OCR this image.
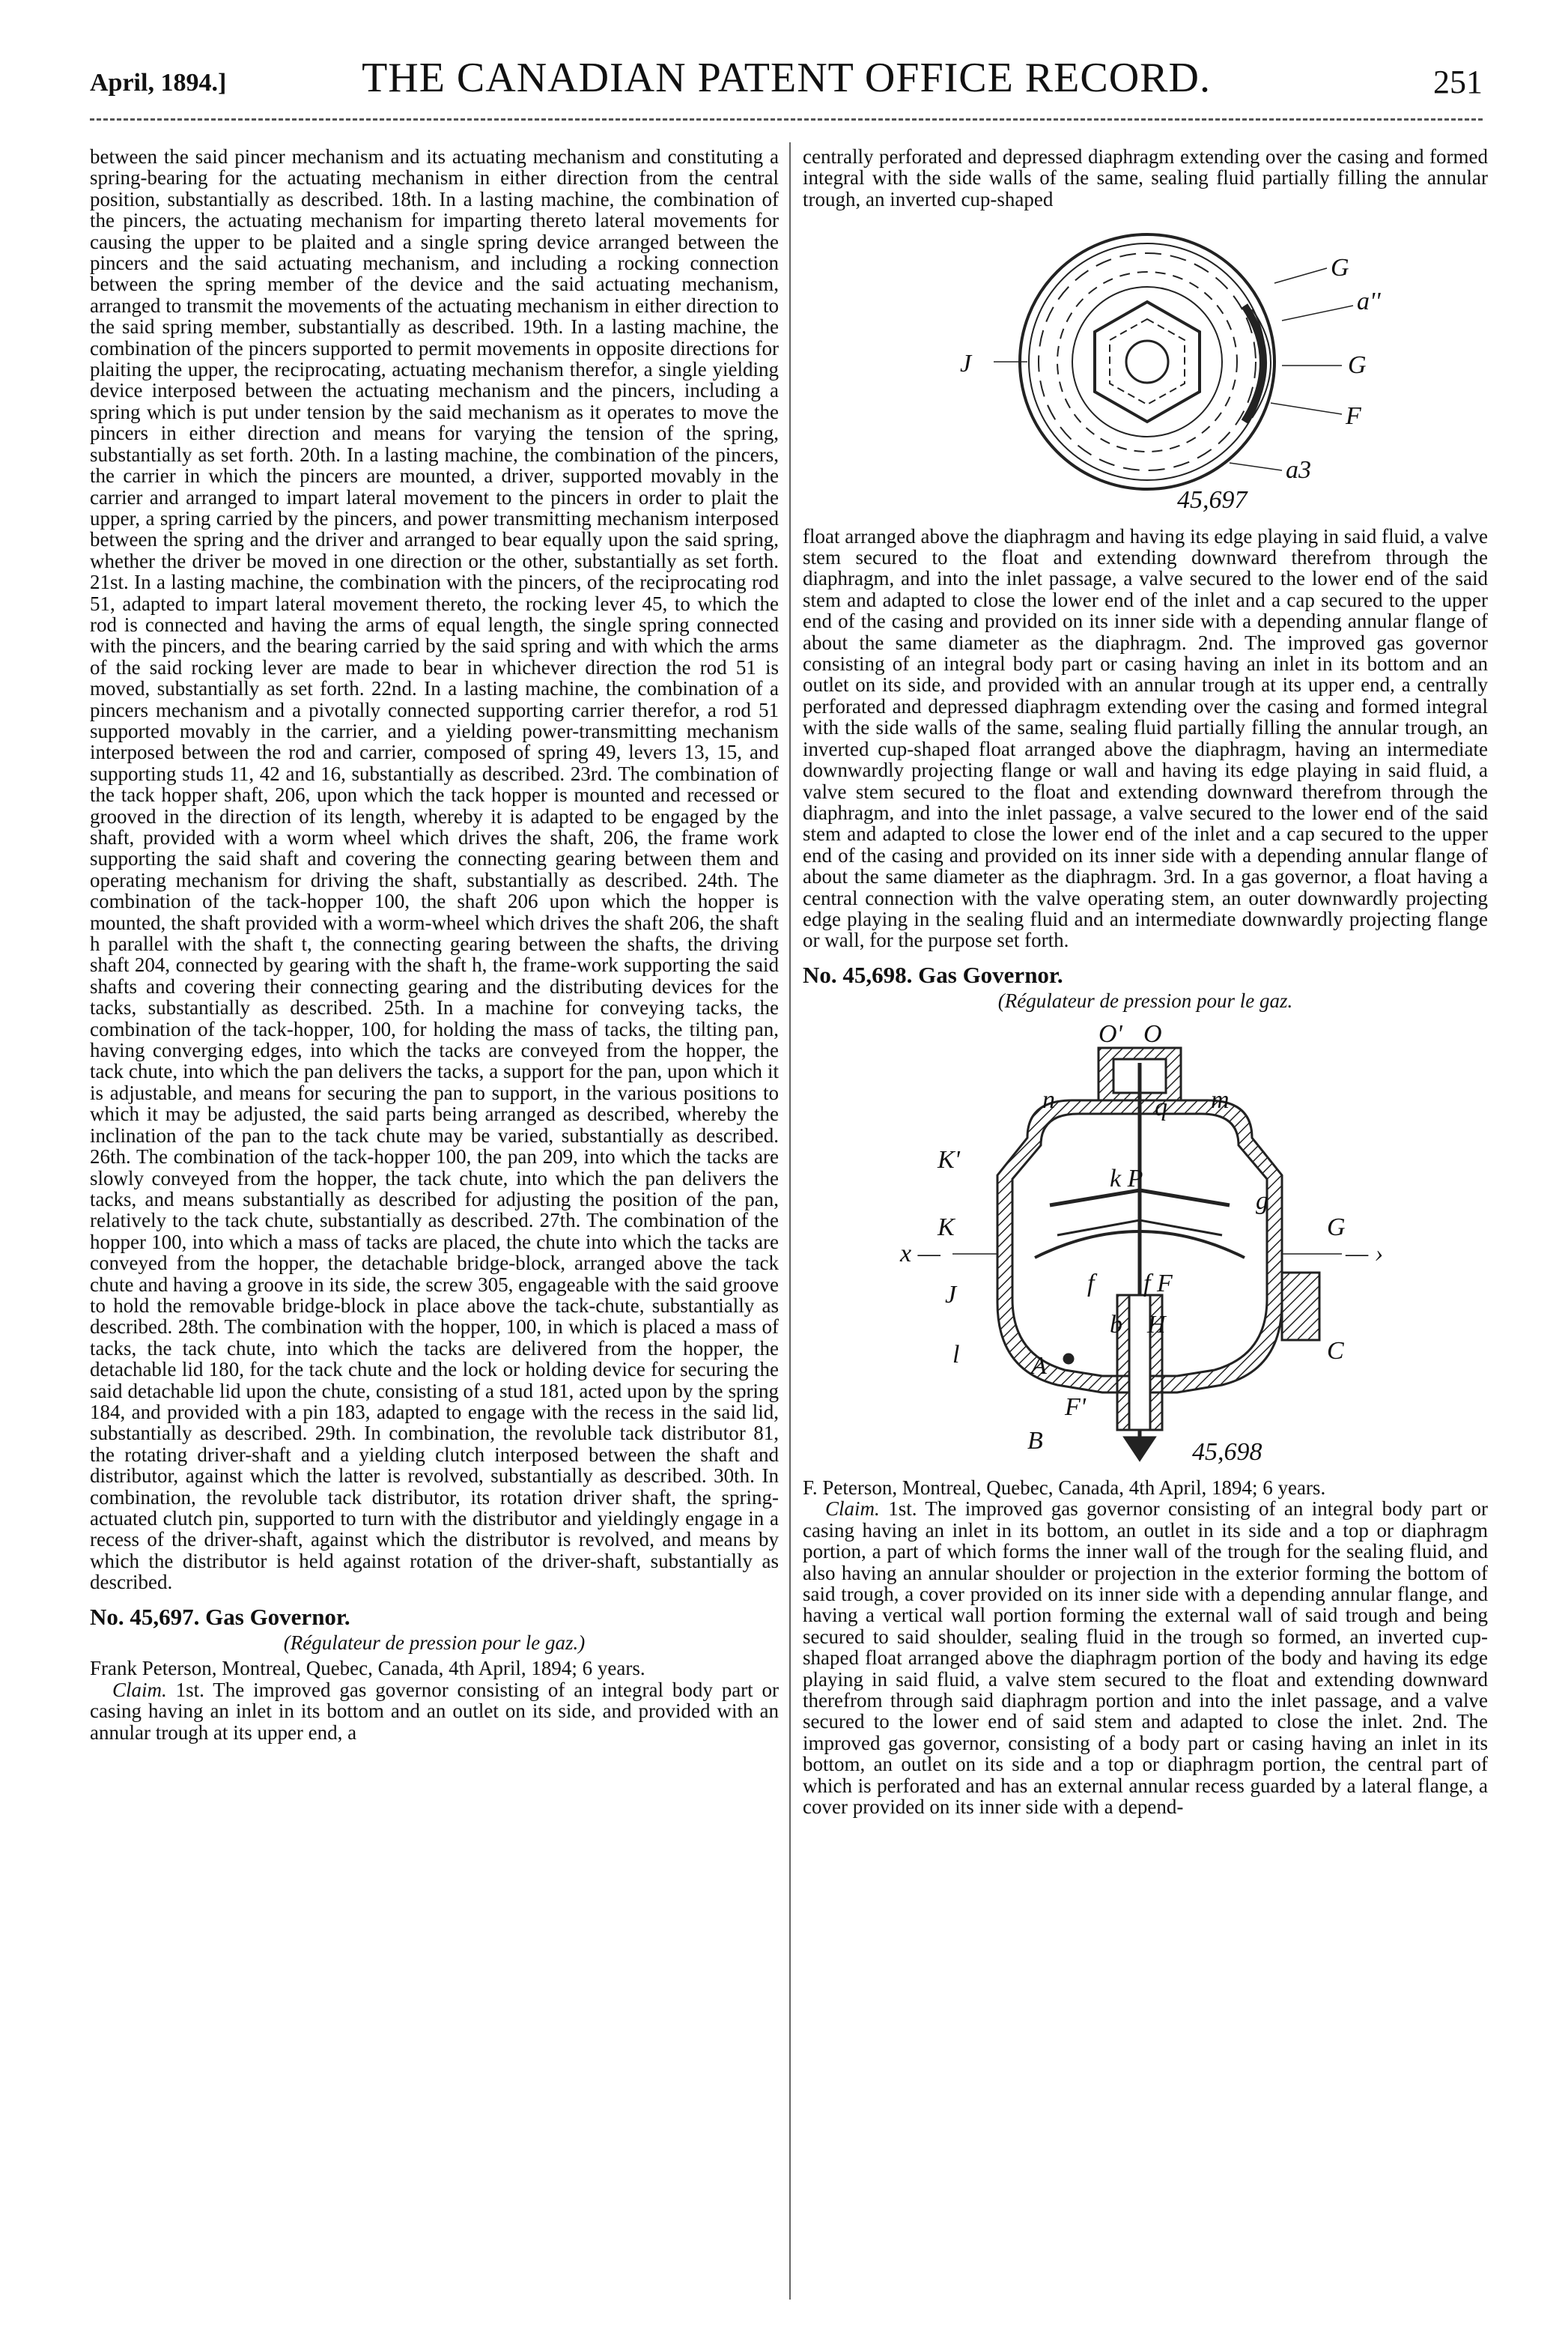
April, 1894.]	THE CANADIAN PATENT OFFICE RECORD.	251

between the said pincer mechanism and its actuating mechanism and constituting a spring-bearing for the actuating mechanism in either direction from the central position, substantially as described. 18th. In a lasting machine, the combination of the pincers, the actuating mechanism for imparting thereto lateral movements for causing the upper to be plaited and a single spring device arranged between the pincers and the said actuating mechanism, and including a rocking connection between the spring member of the device and the said actuating mechanism, arranged to transmit the movements of the actuating mechanism in either direction to the said spring member, substantially as described. 19th. In a lasting machine, the combination of the pincers supported to permit movements in opposite directions for plaiting the upper, the reciprocating, actuating mechanism therefor, a single yielding device interposed between the actuating mechanism and the pincers, including a spring which is put under tension by the said mechanism as it operates to move the pincers in either direction and means for varying the tension of the spring, substantially as set forth. 20th. In a lasting machine, the combination of the pincers, the carrier in which the pincers are mounted, a driver, supported movably in the carrier and arranged to impart lateral movement to the pincers in order to plait the upper, a spring carried by the pincers, and power transmitting mechanism interposed between the spring and the driver and arranged to bear equally upon the said spring, whether the driver be moved in one direction or the other, substantially as set forth. 21st. In a lasting machine, the combination with the pincers, of the reciprocating rod 51, adapted to impart lateral movement thereto, the rocking lever 45, to which the rod is connected and having the arms of equal length, the single spring connected with the pincers, and the bearing carried by the said spring and with which the arms of the said rocking lever are made to bear in whichever direction the rod 51 is moved, substantially as set forth. 22nd. In a lasting machine, the combination of a pincers mechanism and a pivotally connected supporting carrier therefor, a rod 51 supported movably in the carrier, and a yielding power-transmitting mechanism interposed between the rod and carrier, composed of spring 49, levers 13, 15, and supporting studs 11, 42 and 16, substantially as described. 23rd. The combination of the tack hopper shaft, 206, upon which the tack hopper is mounted and recessed or grooved in the direction of its length, whereby it is adapted to be engaged by the shaft, provided with a worm wheel which drives the shaft, 206, the frame work supporting the said shaft and covering the connecting gearing between them and operating mechanism for driving the shaft, substantially as described. 24th. The combination of the tack-hopper 100, the shaft 206 upon which the hopper is mounted, the shaft provided with a worm-wheel which drives the shaft 206, the shaft h parallel with the shaft t, the connecting gearing between the shafts, the driving shaft 204, connected by gearing with the shaft h, the frame-work supporting the said shafts and covering their connecting gearing and the distributing devices for the tacks, substantially as described. 25th. In a machine for conveying tacks, the combination of the tack-hopper, 100, for holding the mass of tacks, the tilting pan, having converging edges, into which the tacks are conveyed from the hopper, the tack chute, into which the pan delivers the tacks, a support for the pan, upon which it is adjustable, and means for securing the pan to support, in the various positions to which it may be adjusted, the said parts being arranged as described, whereby the inclination of the pan to the tack chute may be varied, substantially as described. 26th. The combination of the tack-hopper 100, the pan 209, into which the tacks are slowly conveyed from the hopper, the tack chute, into which the pan delivers the tacks, and means substantially as described for adjusting the position of the pan, relatively to the tack chute, substantially as described. 27th. The combination of the hopper 100, into which a mass of tacks are placed, the chute into which the tacks are conveyed from the hopper, the detachable bridge-block, arranged above the tack chute and having a groove in its side, the screw 305, engageable with the said groove to hold the removable bridge-block in place above the tack-chute, substantially as described. 28th. The combination with the hopper, 100, in which is placed a mass of tacks, the tack chute, into which the tacks are delivered from the hopper, the detachable lid 180, for the tack chute and the lock or holding device for securing the said detachable lid upon the chute, consisting of a stud 181, acted upon by the spring 184, and provided with a pin 183, adapted to engage with the recess in the said lid, substantially as described. 29th. In combination, the revoluble tack distributor 81, the rotating driver-shaft and a yielding clutch interposed between the shaft and distributor, against which the latter is revolved, substantially as described. 30th. In combination, the revoluble tack distributor, its rotation driver shaft, the spring-actuated clutch pin, supported to turn with the distributor and yieldingly engage in a recess of the driver-shaft, against which the distributor is revolved, and means by which the distributor is held against rotation of the driver-shaft, substantially as described.

No. 45,697. Gas Governor.

(Régulateur de pression pour le gaz.)

Frank Peterson, Montreal, Quebec, Canada, 4th April, 1894; 6 years.

Claim. 1st. The improved gas governor consisting of an integral body part or casing having an inlet in its bottom and an outlet on its side, and provided with an annular trough at its upper end, a

centrally perforated and depressed diaphragm extending over the casing and formed integral with the side walls of the same, sealing fluid partially filling the annular trough, an inverted cup-shaped

G
a''
J	G
F
a3
45,697

float arranged above the diaphragm and having its edge playing in said fluid, a valve stem secured to the float and extending downward therefrom through the diaphragm, and into the inlet passage, a valve secured to the lower end of the said stem and adapted to close the lower end of the inlet and a cap secured to the upper end of the casing and provided on its inner side with a depending annular flange of about the same diameter as the diaphragm. 2nd. The improved gas governor consisting of an integral body part or casing having an inlet in its bottom and an outlet on its side, and provided with an annular trough at its upper end, a centrally perforated and depressed diaphragm extending over the casing and formed integral with the side walls of the same, sealing fluid partially filling the annular trough, an inverted cup-shaped float arranged above the diaphragm, having an intermediate downwardly projecting flange or wall and having its edge playing in said fluid, a valve stem secured to the float and extending downward therefrom through the diaphragm, and into the inlet passage, a valve secured to the lower end of the said stem and adapted to close the lower end of the inlet and a cap secured to the upper end of the casing and provided on its inner side with a depending annular flange of about the same diameter as the diaphragm. 3rd. In a gas governor, a float having a central connection with the valve operating stem, an outer downwardly projecting edge playing in the sealing fluid and an intermediate downwardly projecting flange or wall, for the purpose set forth.

No. 45,698. Gas Governor.

(Régulateur de pression pour le gaz.

O' O
n	q m
K'
k P
g
K	G
x —	— ›
f f F
J
H
b
l	A
C
F'
B	45,698

F. Peterson, Montreal, Quebec, Canada, 4th April, 1894; 6 years.

Claim. 1st. The improved gas governor consisting of an integral body part or casing having an inlet in its bottom, an outlet in its side and a top or diaphragm portion, a part of which forms the inner wall of the trough for the sealing fluid, and also having an annular shoulder or projection in the exterior forming the bottom of said trough, a cover provided on its inner side with a depending annular flange, and having a vertical wall portion forming the external wall of said trough and being secured to said shoulder, sealing fluid in the trough so formed, an inverted cup-shaped float arranged above the diaphragm portion of the body and having its edge playing in said fluid, a valve stem secured to the float and extending downward therefrom through said diaphragm portion and into the inlet passage, and a valve secured to the lower end of said stem and adapted to close the inlet. 2nd. The improved gas governor, consisting of a body part or casing having an inlet in its bottom, an outlet on its side and a top or diaphragm portion, the central part of which is perforated and has an external annular recess guarded by a lateral flange, a cover provided on its inner side with a depend-
